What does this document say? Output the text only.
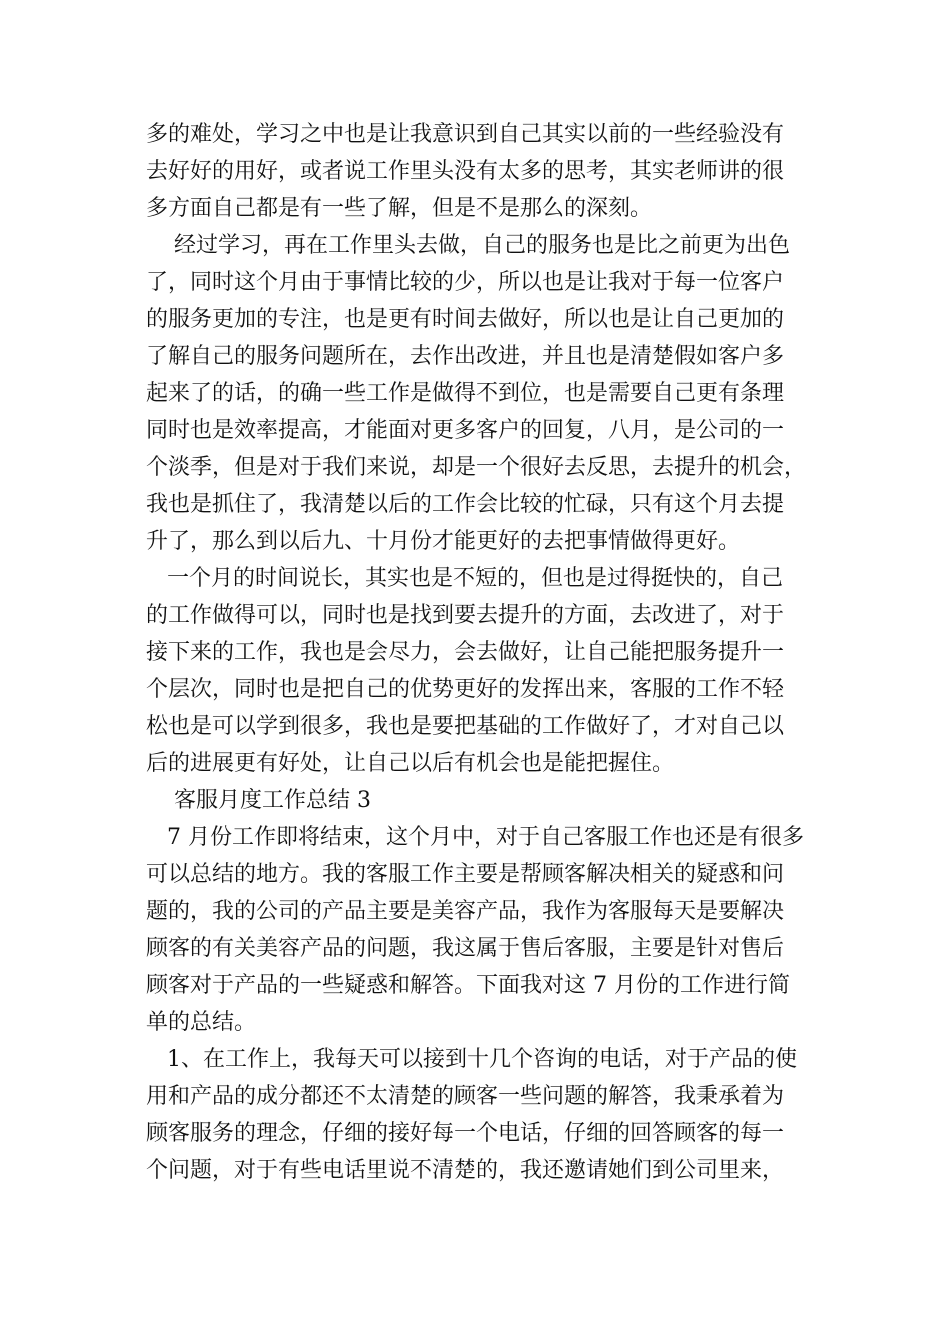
多的难处，学习之中也是让我意识到自己其实以前的一些经验没有
去好好的用好，或者说工作里头没有太多的思考，其实老师讲的很
多方面自己都是有一些了解，但是不是那么的深刻。
经过学习，再在工作里头去做，自己的服务也是比之前更为出色
了，同时这个月由于事情比较的少，所以也是让我对于每一位客户
的服务更加的专注，也是更有时间去做好，所以也是让自己更加的
了解自己的服务问题所在，去作出改进，并且也是清楚假如客户多
起来了的话，的确一些工作是做得不到位，也是需要自己更有条理
同时也是效率提高，才能面对更多客户的回复，八月，是公司的一
个淡季，但是对于我们来说，却是一个很好去反思，去提升的机会，
我也是抓住了，我清楚以后的工作会比较的忙碌，只有这个月去提
升了，那么到以后九、十月份才能更好的去把事情做得更好。
一个月的时间说长，其实也是不短的，但也是过得挺快的，自己
的工作做得可以，同时也是找到要去提升的方面，去改进了，对于
接下来的工作，我也是会尽力，会去做好，让自己能把服务提升一
个层次，同时也是把自己的优势更好的发挥出来，客服的工作不轻
松也是可以学到很多，我也是要把基础的工作做好了，才对自己以
后的进展更有好处，让自己以后有机会也是能把握住。
客服月度工作总结 3
7 月份工作即将结束，这个月中，对于自己客服工作也还是有很多
可以总结的地方。我的客服工作主要是帮顾客解决相关的疑惑和问
题的，我的公司的产品主要是美容产品，我作为客服每天是要解决
顾客的有关美容产品的问题，我这属于售后客服，主要是针对售后
顾客对于产品的一些疑惑和解答。下面我对这 7 月份的工作进行简
单的总结。
1、在工作上，我每天可以接到十几个咨询的电话，对于产品的使
用和产品的成分都还不太清楚的顾客一些问题的解答，我秉承着为
顾客服务的理念，仔细的接好每一个电话，仔细的回答顾客的每一
个问题，对于有些电话里说不清楚的，我还邀请她们到公司里来，
